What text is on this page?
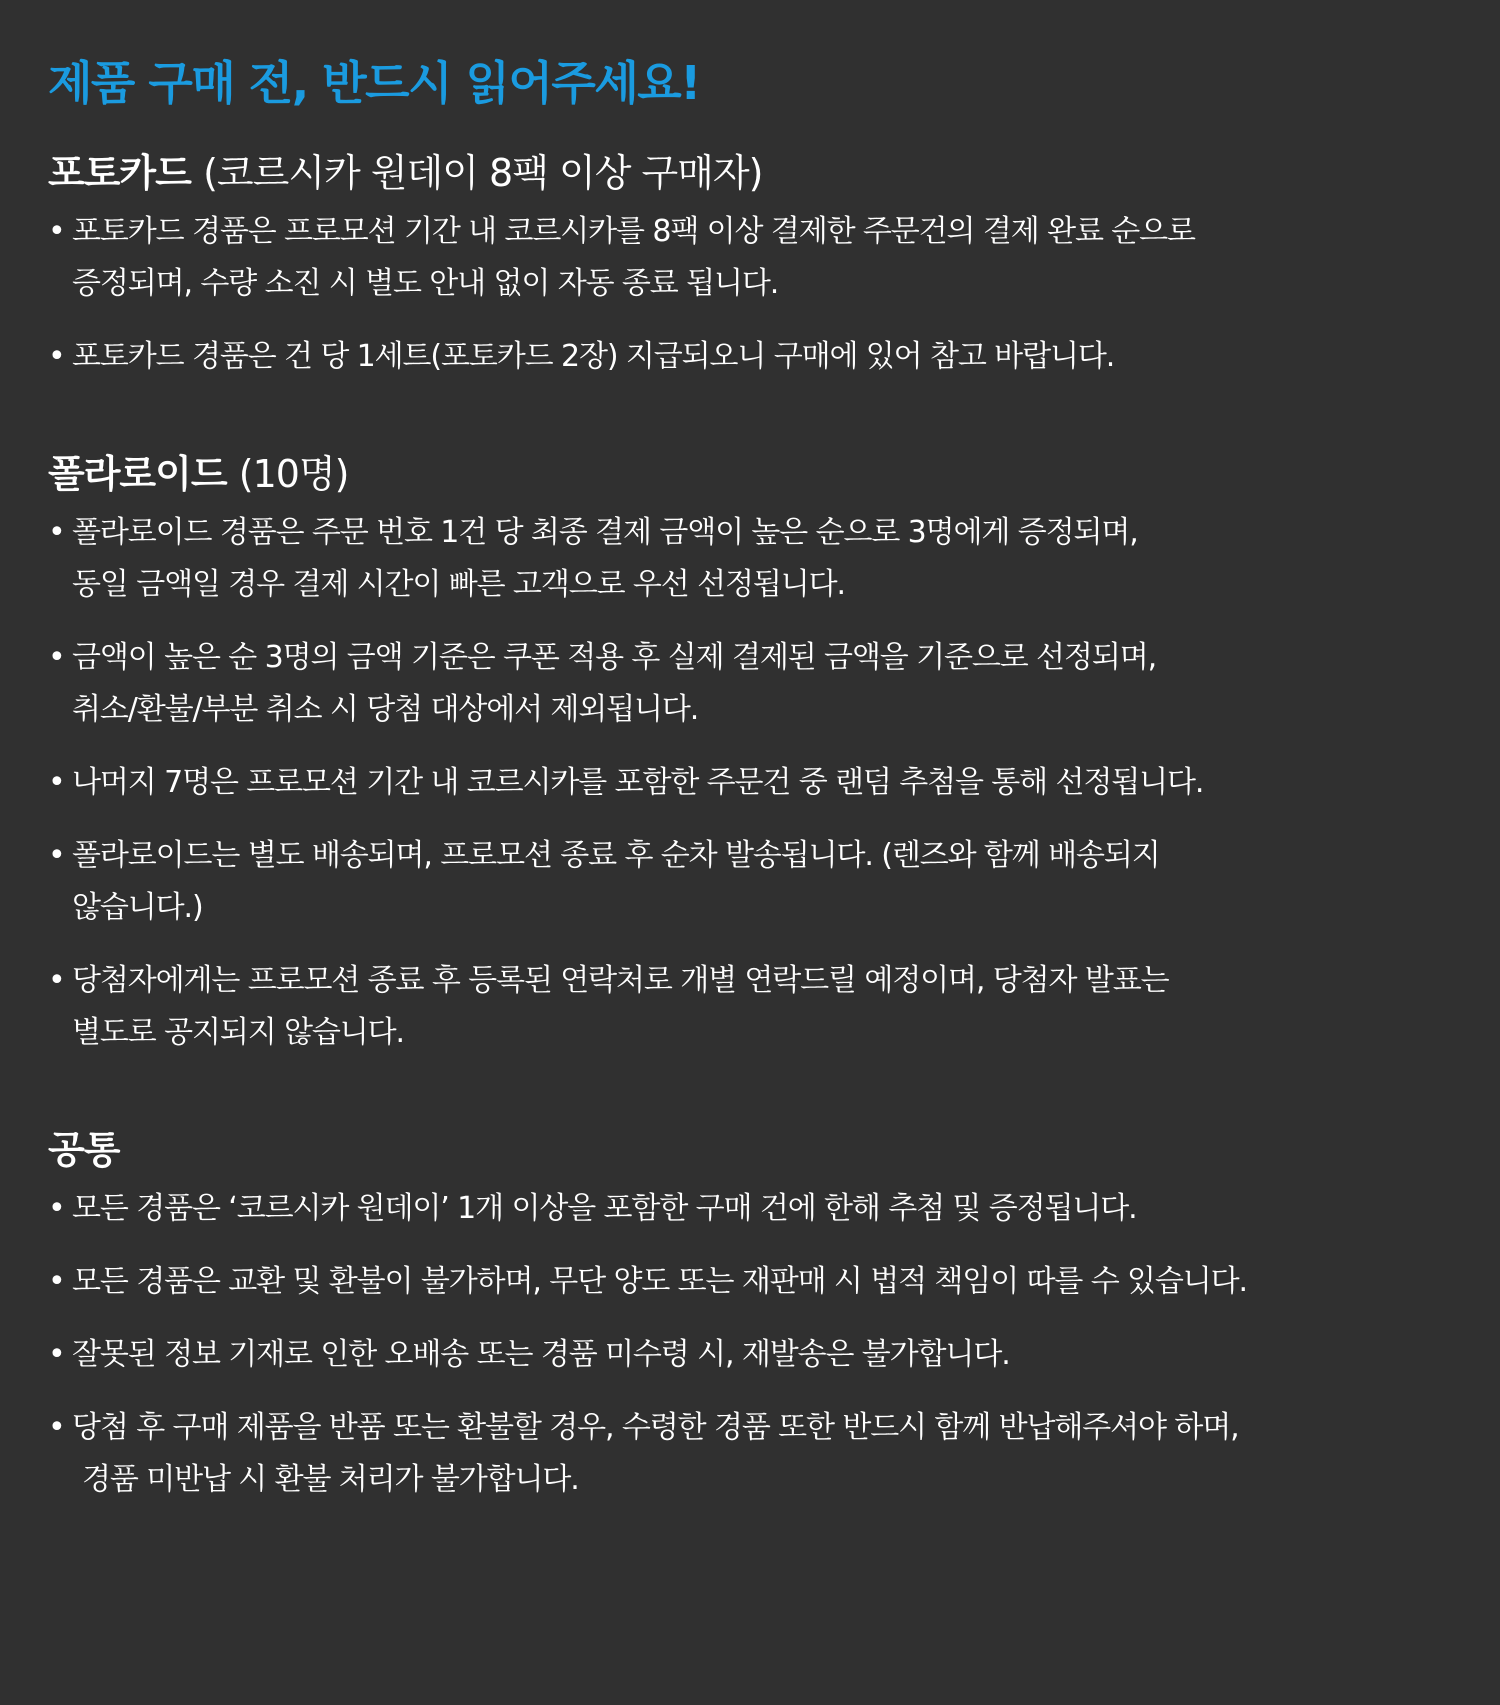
제품 구매 전, 반드시 읽어주세요!
포토카드 (코르시카 원데이 8팩 이상 구매자)
• 포토카드 경품은 프로모션 기간 내 코르시카를 8팩 이상 결제한 주문건의 결제 완료 순으로
증정되며, 수량 소진 시 별도 안내 없이 자동 종료 됩니다.
• 포토카드 경품은 건 당 1세트(포토카드 2장) 지급되오니 구매에 있어 참고 바랍니다.
폴라로이드 (10명)
• 폴라로이드 경품은 주문 번호 1건 당 최종 결제 금액이 높은 순으로 3명에게 증정되며,
동일 금액일 경우 결제 시간이 빠른 고객으로 우선 선정됩니다.
• 금액이 높은 순 3명의 금액 기준은 쿠폰 적용 후 실제 결제된 금액을 기준으로 선정되며,
취소/환불/부분 취소 시 당첨 대상에서 제외됩니다.
• 나머지 7명은 프로모션 기간 내 코르시카를 포함한 주문건 중 랜덤 추첨을 통해 선정됩니다.
• 폴라로이드는 별도 배송되며, 프로모션 종료 후 순차 발송됩니다. (렌즈와 함께 배송되지
않습니다.)
• 당첨자에게는 프로모션 종료 후 등록된 연락처로 개별 연락드릴 예정이며, 당첨자 발표는
별도로 공지되지 않습니다.
공통
• 모든 경품은 ‘코르시카 원데이’ 1개 이상을 포함한 구매 건에 한해 추첨 및 증정됩니다.
• 모든 경품은 교환 및 환불이 불가하며, 무단 양도 또는 재판매 시 법적 책임이 따를 수 있습니다.
• 잘못된 정보 기재로 인한 오배송 또는 경품 미수령 시, 재발송은 불가합니다.
• 당첨 후 구매 제품을 반품 또는 환불할 경우, 수령한 경품 또한 반드시 함께 반납해주셔야 하며,
경품 미반납 시 환불 처리가 불가합니다.
